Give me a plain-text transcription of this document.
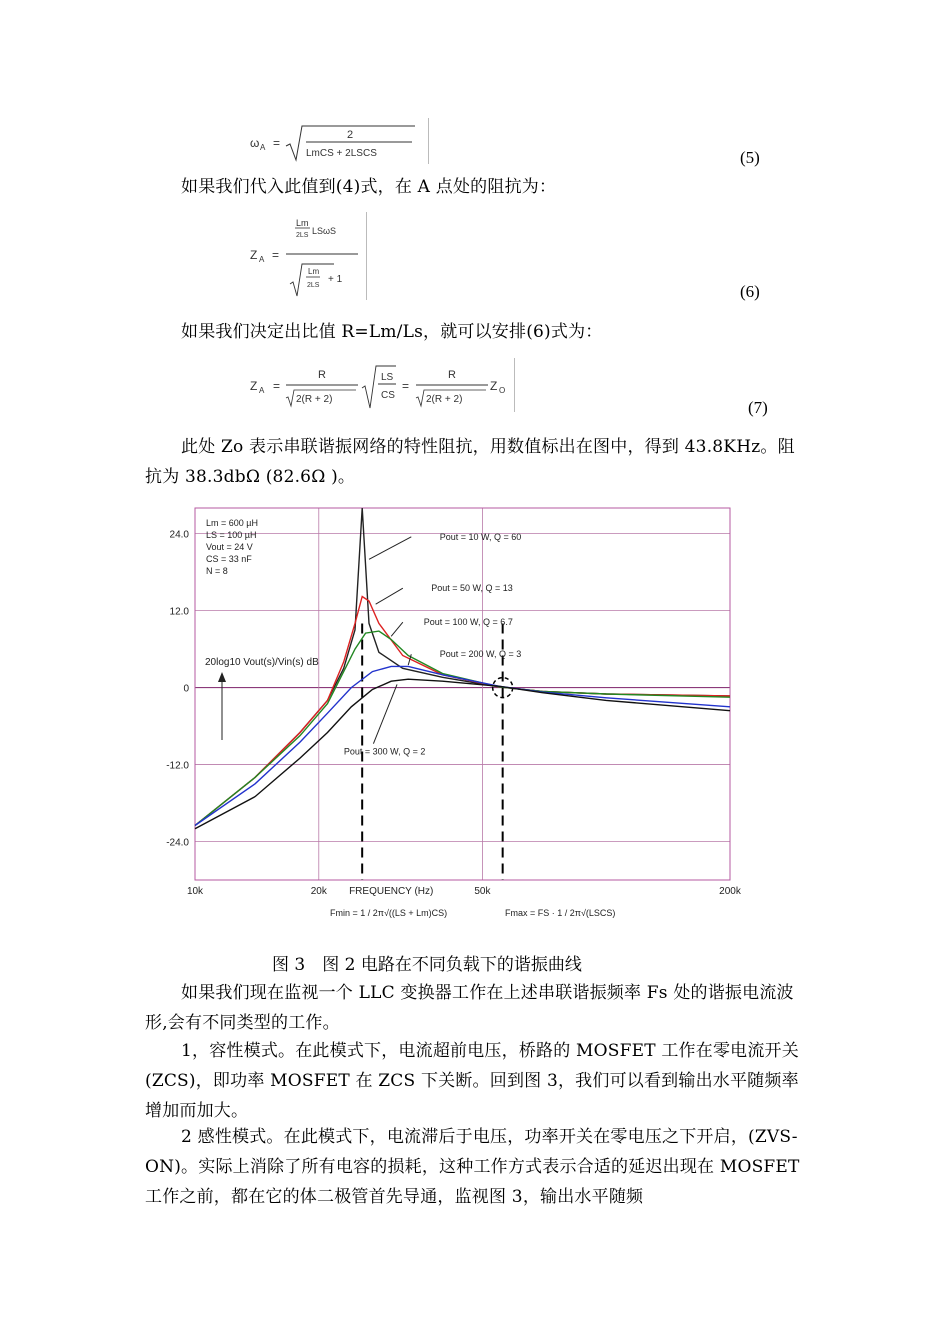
ω A =
2
LmCS + 2LSCS	(5)
如果我们代入此值到(4)式，在 A 点处的阻抗为：
Lm
2LS LSωS
Z A =
Lm
2LS
+ 1
(6)
如果我们决定出比值 R=Lm/Ls，就可以安排(6)式为：
Z A =
R
2(R + 2)
LS
CS
=
R
2(R + 2)
Z O
(7)
此处 Zo 表示串联谐振网络的特性阻抗，用数值标出在图中，得到 43.8KHz。阻抗为 38.3dbΩ (82.6Ω )。
24.0
12.0
0
-12.0
-24.0
10k	20k	50k	200k
FREQUENCY (Hz)
20log10 Vout(s)/Vin(s) dB
Lm = 600 µH
LS = 100 µH
Vout = 24 V
CS = 33 nF
N = 8
Fmin = 1 / 2π√((LS + Lm)CS)	Fmax = FS · 1 / 2π√(LSCS)
Pout = 10 W, Q = 60
Pout = 50 W, Q = 13
Pout = 100 W, Q = 6.7
Pout = 200 W, Q = 3
Pout = 300 W, Q = 2
图 3　图 2 电路在不同负载下的谐振曲线
如果我们现在监视一个 LLC 变换器工作在上述串联谐振频率 Fs 处的谐振电流波形,会有不同类型的工作。
1，容性模式。在此模式下，电流超前电压，桥路的 MOSFET 工作在零电流开关(ZCS)，即功率 MOSFET 在 ZCS 下关断。回到图 3，我们可以看到输出水平随频率增加而加大。
2 感性模式。在此模式下，电流滞后于电压，功率开关在零电压之下开启，(ZVS-ON)。实际上消除了所有电容的损耗，这种工作方式表示合适的延迟出现在 MOSFET 工作之前，都在它的体二极管首先导通，监视图 3，输出水平随频
